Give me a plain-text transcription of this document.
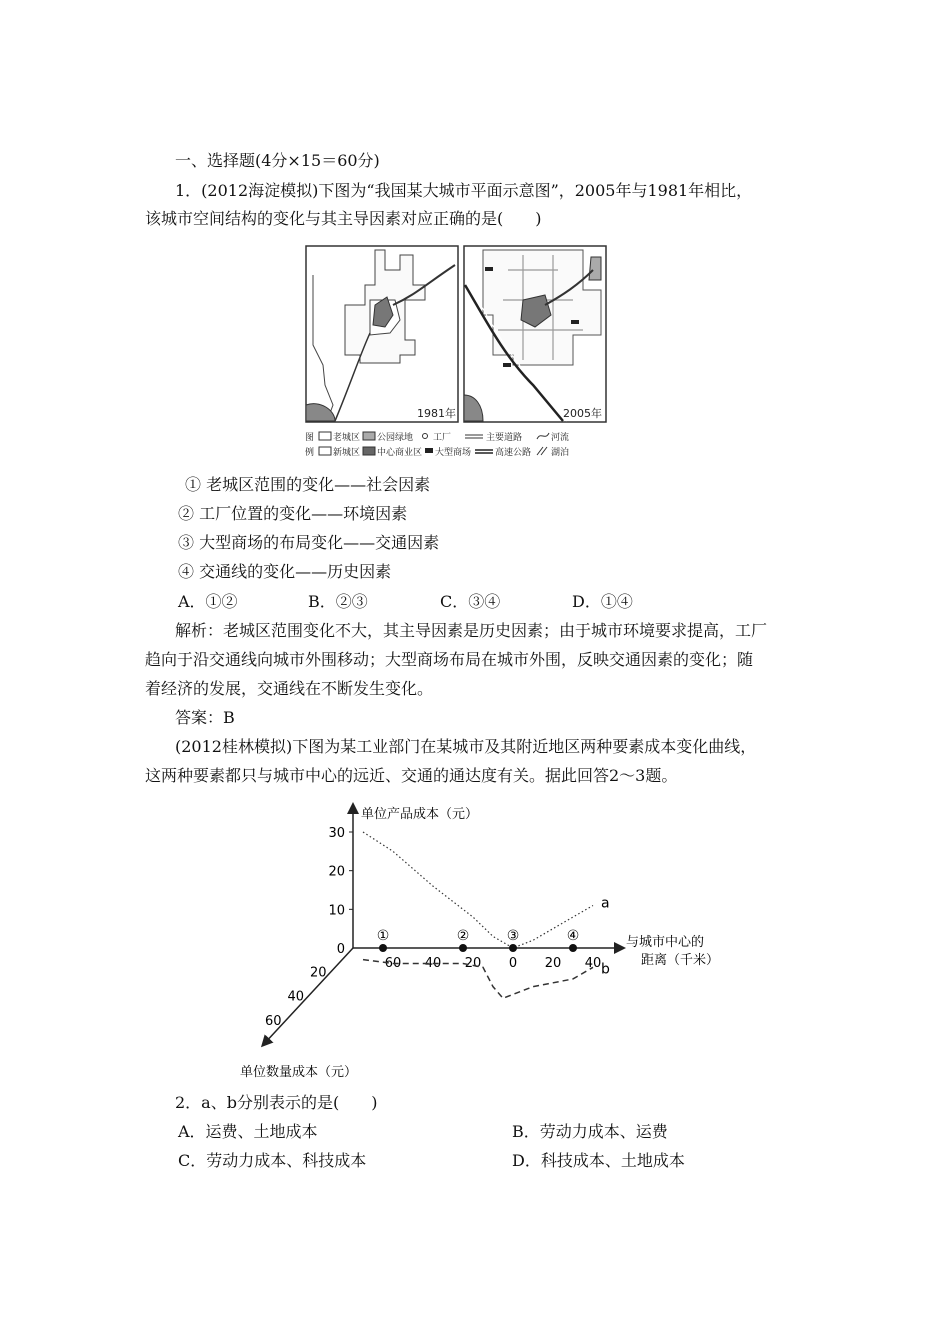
一、选择题(4分×15＝60分)
1．(2012海淀模拟)下图为“我国某大城市平面示意图”，2005年与1981年相比，
该城市空间结构的变化与其主导因素对应正确的是(　　)
1981年	2005年
图
例
老城区 公园绿地 工厂	主要道路	河流
新城区 中心商业区 大型商场	高速公路 湖泊
① 老城区范围的变化——社会因素
② 工厂位置的变化——环境因素
③ 大型商场的布局变化——交通因素
④ 交通线的变化——历史因素
A．①②	B．②③	C．③④	D．①④
解析：老城区范围变化不大，其主导因素是历史因素；由于城市环境要求提高，工厂
趋向于沿交通线向城市外围移动；大型商场布局在城市外围，反映交通因素的变化；随
着经济的发展，交通线在不断发生变化。
答案：B
(2012桂林模拟)下图为某工业部门在某城市及其附近地区两种要素成本变化曲线，
这两种要素都只与城市中心的远近、交通的通达度有关。据此回答2～3题。
单位产品成本（元）
与城市中心的
距离（千米）
单位数量成本（元）
30
20
10
0
60 40 20 0 20 40
20
40
60
a
b
①	②	③	④
2．a、b分别表示的是(　　)
A．运费、土地成本	B．劳动力成本、运费
C．劳动力成本、科技成本	D．科技成本、土地成本
